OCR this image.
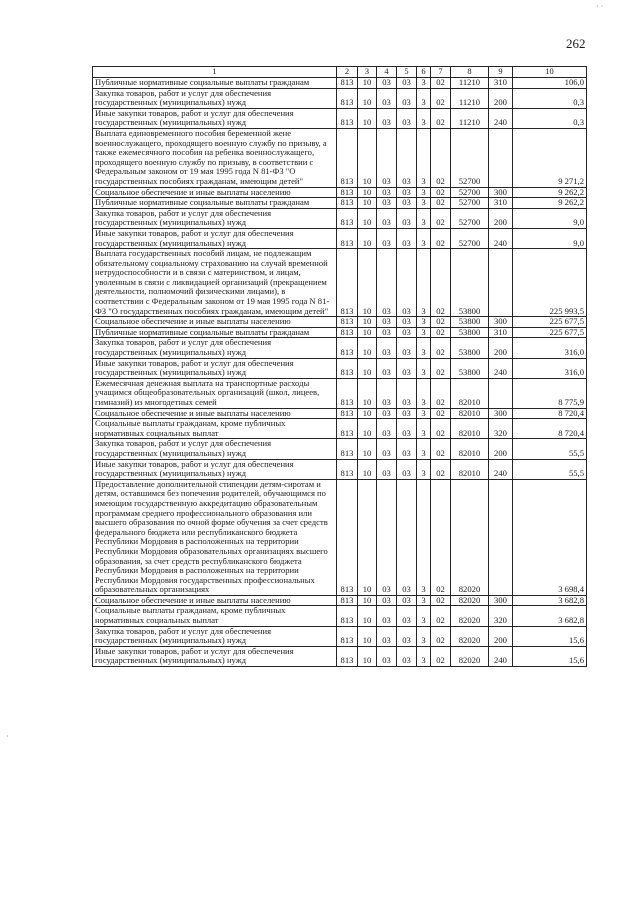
262
1	2	3	4	5	6	7	8	9	10
Публичные нормативные социальные выплаты гражданам	813	10	03	03	3	02	11210	310	106,0
Закупка товаров, работ и услуг для обеспечения государственных (муниципальных) нужд	813	10	03	03	3	02	11210	200	0,3
Иные закупки товаров, работ и услуг для обеспечения государственных (муниципальных) нужд	813	10	03	03	3	02	11210	240	0,3
Выплата единовременного пособия беременной жене военнослужащего, проходящего военную службу по призыву, а также ежемесячного пособия на ребенка военнослужащего, проходящего военную службу по призыву, в соответствии с Федеральным законом от 19 мая 1995 года N 81-ФЗ "О государственных пособиях гражданам, имеющим детей"	813	10	03	03	3	02	52700		9 271,2
Социальное обеспечение и иные выплаты населению	813	10	03	03	3	02	52700	300	9 262,2
Публичные нормативные социальные выплаты гражданам	813	10	03	03	3	02	52700	310	9 262,2
Закупка товаров, работ и услуг для обеспечения государственных (муниципальных) нужд	813	10	03	03	3	02	52700	200	9,0
Иные закупки товаров, работ и услуг для обеспечения государственных (муниципальных) нужд	813	10	03	03	3	02	52700	240	9,0
Выплата государственных пособий лицам, не подлежащим обязательному социальному страхованию на случай временной нетрудоспособности и в связи с материнством, и лицам, уволенным в связи с ликвидацией организаций (прекращением деятельности, полномочий физическими лицами), в соответствии с Федеральным законом от 19 мая 1995 года N 81-ФЗ "О государственных пособиях гражданам, имеющим детей"	813	10	03	03	3	02	53800		225 993,5
Социальное обеспечение и иные выплаты населению	813	10	03	03	3	02	53800	300	225 677,5
Публичные нормативные социальные выплаты гражданам	813	10	03	03	3	02	53800	310	225 677,5
Закупка товаров, работ и услуг для обеспечения государственных (муниципальных) нужд	813	10	03	03	3	02	53800	200	316,0
Иные закупки товаров, работ и услуг для обеспечения государственных (муниципальных) нужд	813	10	03	03	3	02	53800	240	316,0
Ежемесячная денежная выплата на транспортные расходы учащимся общеобразовательных организаций (школ, лицеев, гимназий) из многодетных семей	813	10	03	03	3	02	82010		8 775,9
Социальное обеспечение и иные выплаты населению	813	10	03	03	3	02	82010	300	8 720,4
Социальные выплаты гражданам, кроме публичных нормативных социальных выплат	813	10	03	03	3	02	82010	320	8 720,4
Закупка товаров, работ и услуг для обеспечения государственных (муниципальных) нужд	813	10	03	03	3	02	82010	200	55,5
Иные закупки товаров, работ и услуг для обеспечения государственных (муниципальных) нужд	813	10	03	03	3	02	82010	240	55,5
Предоставление дополнительной стипендии детям-сиротам и детям, оставшимся без попечения родителей, обучающимся по имеющим государственную аккредитацию образовательным программам среднего профессионального образования или высшего образования по очной форме обучения за счет средств федерального бюджета или республиканского бюджета Республики Мордовия в расположенных на территории Республики Мордовия образовательных организациях высшего образования, за счет средств республиканского бюджета Республики Мордовия в расположенных на территории Республики Мордовия государственных профессиональных образовательных организациях	813	10	03	03	3	02	82020		3 698,4
Социальное обеспечение и иные выплаты населению	813	10	03	03	3	02	82020	300	3 682,8
Социальные выплаты гражданам, кроме публичных нормативных социальных выплат	813	10	03	03	3	02	82020	320	3 682,8
Закупка товаров, работ и услуг для обеспечения государственных (муниципальных) нужд	813	10	03	03	3	02	82020	200	15,6
Иные закупки товаров, работ и услуг для обеспечения государственных (муниципальных) нужд	813	10	03	03	3	02	82020	240	15,6
·
· ·
